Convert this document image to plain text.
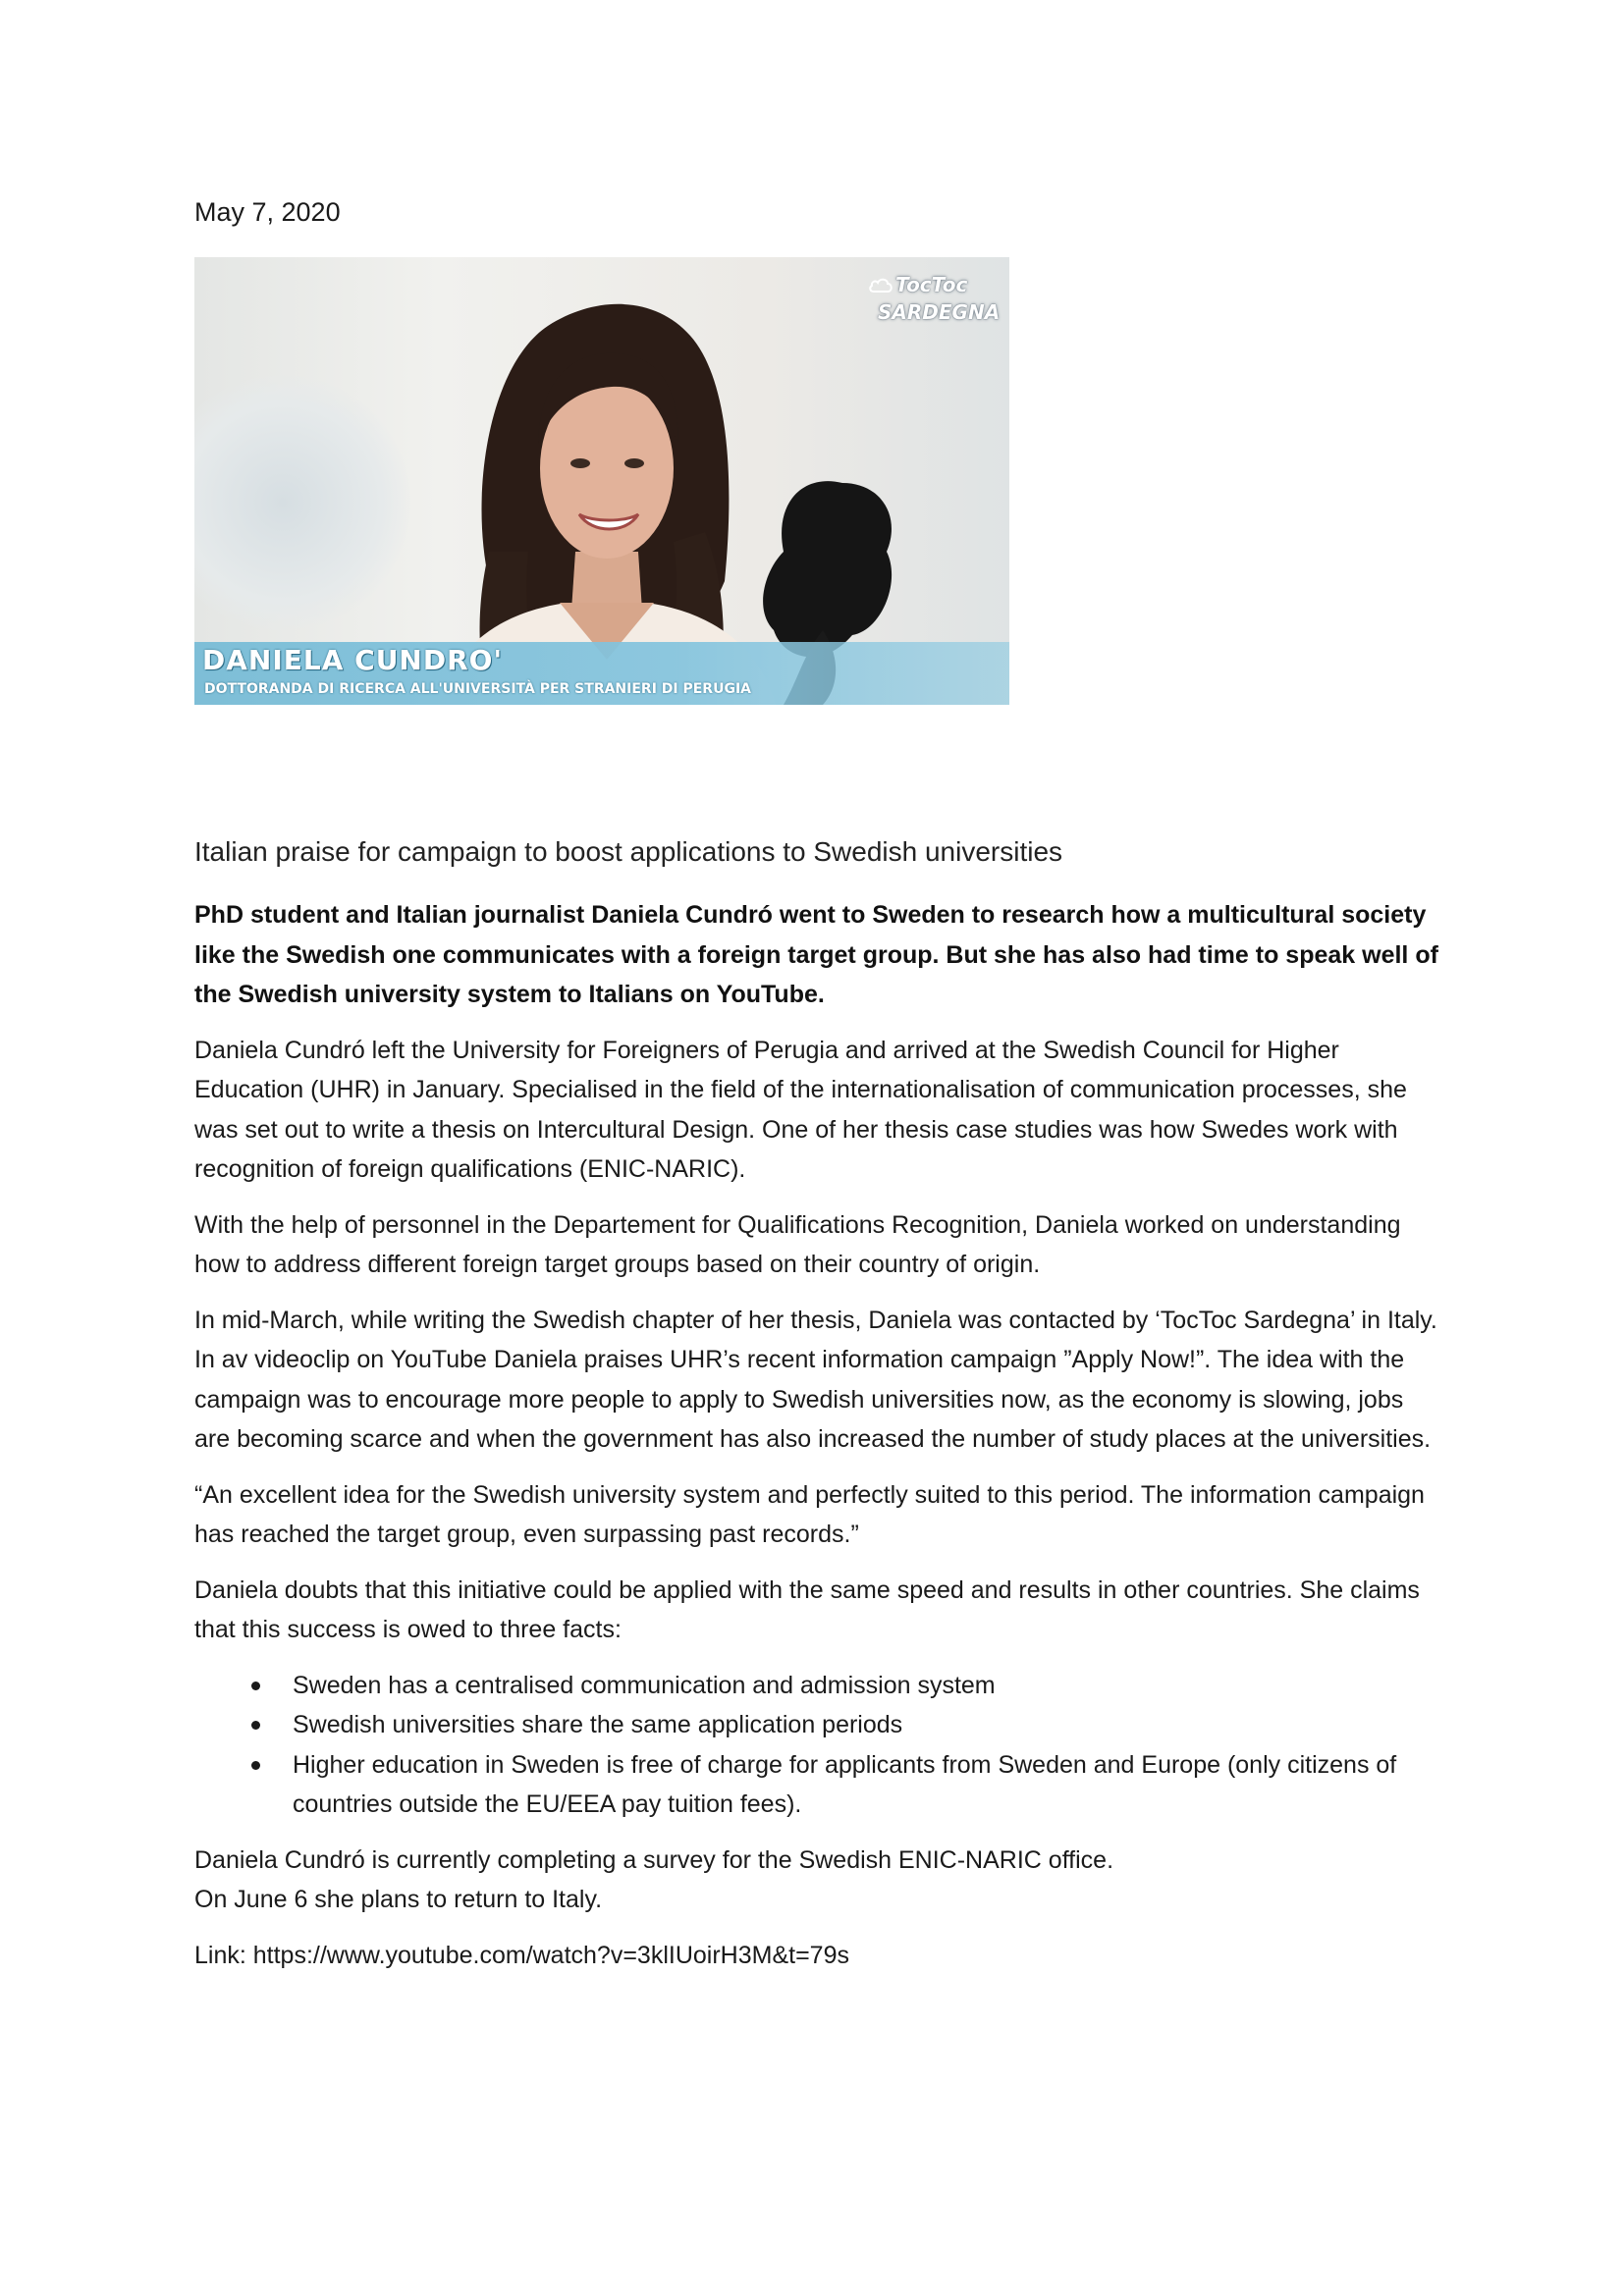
May 7, 2020
TocToc
SARDEGNA
DANIELA CUNDRO'
DOTTORANDA DI RICERCA ALL'UNIVERSITÀ PER STRANIERI DI PERUGIA
Italian praise for campaign to boost applications to Swedish universities

PhD student and Italian journalist Daniela Cundró went to Sweden to research how a multicultural society like the Swedish one communicates with a foreign target group. But she has also had time to speak well of the Swedish university system to Italians on YouTube.

Daniela Cundró left the University for Foreigners of Perugia and arrived at the Swedish Council for Higher Education (UHR) in January. Specialised in the field of the internationalisation of communication processes, she was set out to write a thesis on Intercultural Design. One of her thesis case studies was how Swedes work with recognition of foreign qualifications (ENIC-NARIC).

With the help of personnel in the Departement for Qualifications Recognition, Daniela worked on understanding how to address different foreign target groups based on their country of origin.

In mid-March, while writing the Swedish chapter of her thesis, Daniela was contacted by ‘TocToc Sardegna’ in Italy. In av videoclip on YouTube Daniela praises UHR’s recent information campaign ”Apply Now!”. The idea with the campaign was to encourage more people to apply to Swedish universities now, as the economy is slowing, jobs are becoming scarce and when the government has also increased the number of study places at the universities.

“An excellent idea for the Swedish university system and perfectly suited to this period. The information campaign has reached the target group, even surpassing past records.”

Daniela doubts that this initiative could be applied with the same speed and results in other countries. She claims that this success is owed to three facts:

Sweden has a centralised communication and admission system
Swedish universities share the same application periods
Higher education in Sweden is free of charge for applicants from Sweden and Europe (only citizens of countries outside the EU/EEA pay tuition fees).

Daniela Cundró is currently completing a survey for the Swedish ENIC-NARIC office.
On June 6 she plans to return to Italy.

Link: https://www.youtube.com/watch?v=3klIUoirH3M&t=79s
